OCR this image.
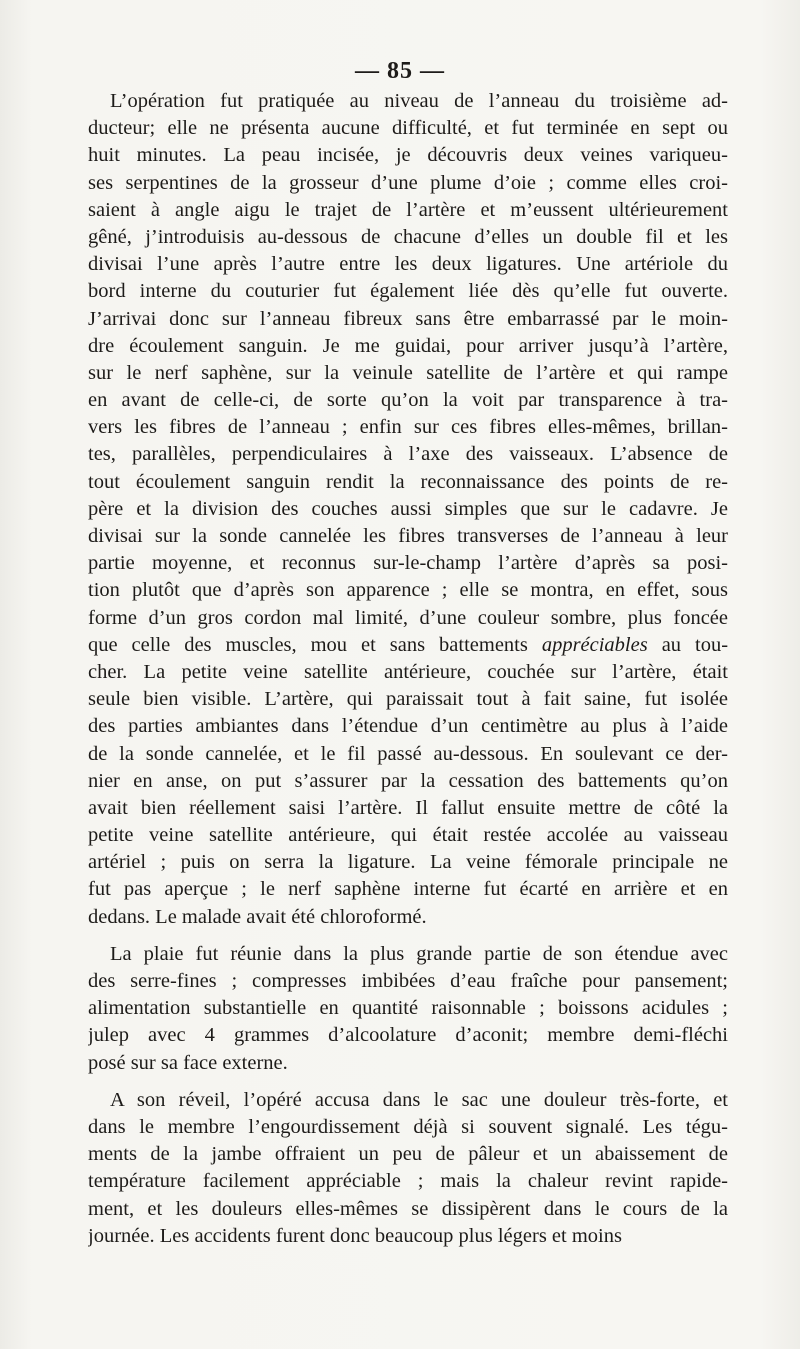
— 85 —
L’opération fut pratiquée au niveau de l’anneau du troisième ad-
ducteur; elle ne présenta aucune difficulté, et fut terminée en sept ou
huit minutes. La peau incisée, je découvris deux veines variqueu-
ses serpentines de la grosseur d’une plume d’oie ; comme elles croi-
saient à angle aigu le trajet de l’artère et m’eussent ultérieurement
gêné, j’introduisis au-dessous de chacune d’elles un double fil et les
divisai l’une après l’autre entre les deux ligatures. Une artériole du
bord interne du couturier fut également liée dès qu’elle fut ouverte.
J’arrivai donc sur l’anneau fibreux sans être embarrassé par le moin-
dre écoulement sanguin. Je me guidai, pour arriver jusqu’à l’artère,
sur le nerf saphène, sur la veinule satellite de l’artère et qui rampe
en avant de celle-ci, de sorte qu’on la voit par transparence à tra-
vers les fibres de l’anneau ; enfin sur ces fibres elles-mêmes, brillan-
tes, parallèles, perpendiculaires à l’axe des vaisseaux. L’absence de
tout écoulement sanguin rendit la reconnaissance des points de re-
père et la division des couches aussi simples que sur le cadavre. Je
divisai sur la sonde cannelée les fibres transverses de l’anneau à leur
partie moyenne, et reconnus sur-le-champ l’artère d’après sa posi-
tion plutôt que d’après son apparence ; elle se montra, en effet, sous
forme d’un gros cordon mal limité, d’une couleur sombre, plus foncée
que celle des muscles, mou et sans battements appréciables au tou-
cher. La petite veine satellite antérieure, couchée sur l’artère, était
seule bien visible. L’artère, qui paraissait tout à fait saine, fut isolée
des parties ambiantes dans l’étendue d’un centimètre au plus à l’aide
de la sonde cannelée, et le fil passé au-dessous. En soulevant ce der-
nier en anse, on put s’assurer par la cessation des battements qu’on
avait bien réellement saisi l’artère. Il fallut ensuite mettre de côté la
petite veine satellite antérieure, qui était restée accolée au vaisseau
artériel ; puis on serra la ligature. La veine fémorale principale ne
fut pas aperçue ; le nerf saphène interne fut écarté en arrière et en
dedans. Le malade avait été chloroformé.
La plaie fut réunie dans la plus grande partie de son étendue avec
des serre-fines ; compresses imbibées d’eau fraîche pour pansement;
alimentation substantielle en quantité raisonnable ; boissons acidules ;
julep avec 4 grammes d’alcoolature d’aconit; membre demi-fléchi
posé sur sa face externe.
A son réveil, l’opéré accusa dans le sac une douleur très-forte, et
dans le membre l’engourdissement déjà si souvent signalé. Les tégu-
ments de la jambe offraient un peu de pâleur et un abaissement de
température facilement appréciable ; mais la chaleur revint rapide-
ment, et les douleurs elles-mêmes se dissipèrent dans le cours de la
journée. Les accidents furent donc beaucoup plus légers et moins
